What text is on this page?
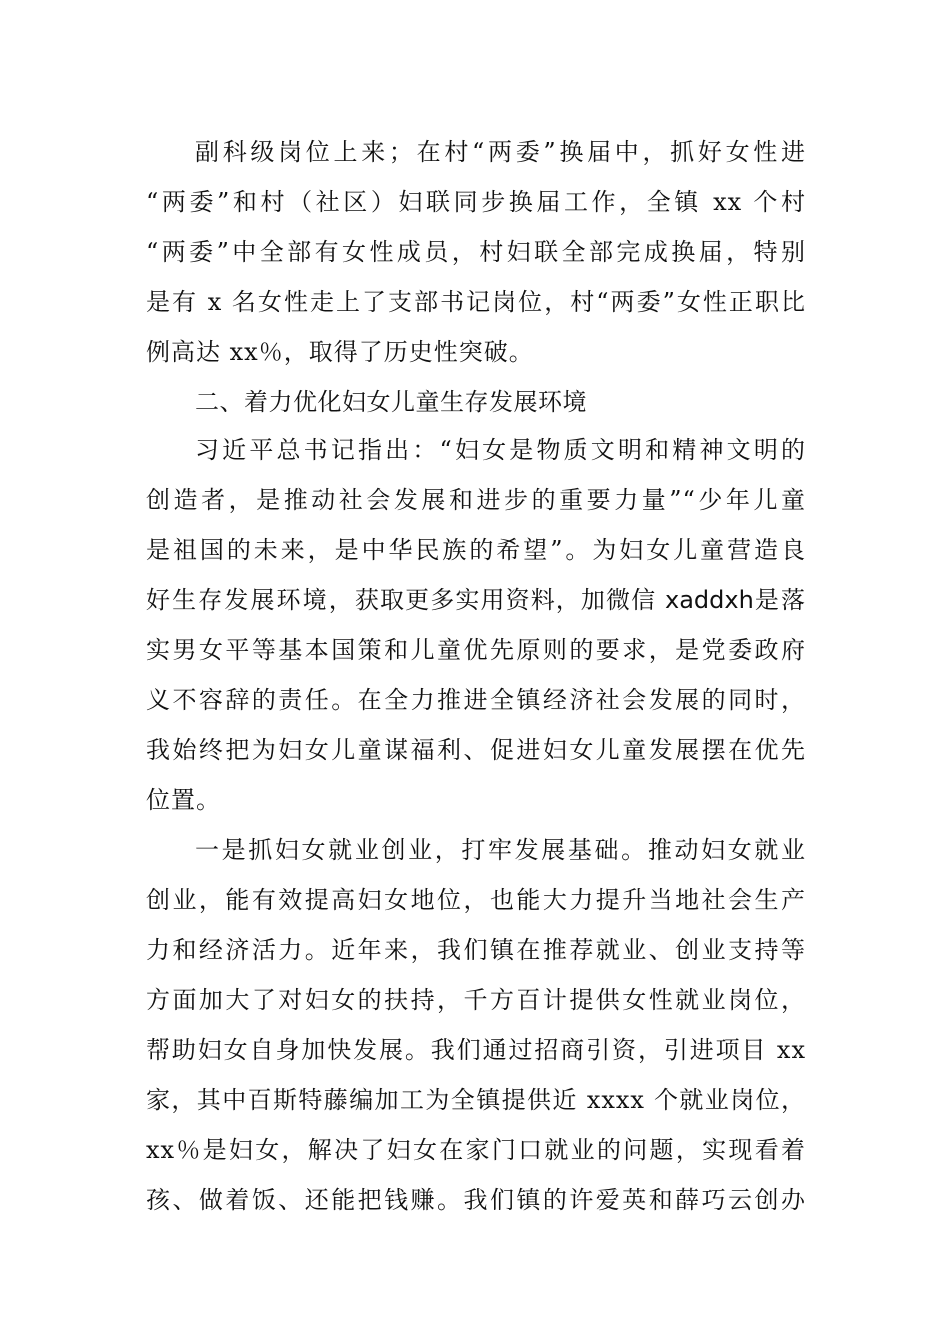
副科级岗位上来；在村“两委”换届中，抓好女性进
“两委”和村（社区）妇联同步换届工作，全镇 xx 个村
“两委”中全部有女性成员，村妇联全部完成换届，特别
是有 x 名女性走上了支部书记岗位，村“两委”女性正职比
例高达 xx％，取得了历史性突破。
二、着力优化妇女儿童生存发展环境
习近平总书记指出：“妇女是物质文明和精神文明的
创造者，是推动社会发展和进步的重要力量”“少年儿童
是祖国的未来，是中华民族的希望”。为妇女儿童营造良
好生存发展环境，获取更多实用资料，加微信 xaddxh是落
实男女平等基本国策和儿童优先原则的要求，是党委政府
义不容辞的责任。在全力推进全镇经济社会发展的同时，
我始终把为妇女儿童谋福利、促进妇女儿童发展摆在优先
位置。
一是抓妇女就业创业，打牢发展基础。推动妇女就业
创业，能有效提高妇女地位，也能大力提升当地社会生产
力和经济活力。近年来，我们镇在推荐就业、创业支持等
方面加大了对妇女的扶持，千方百计提供女性就业岗位，
帮助妇女自身加快发展。我们通过招商引资，引进项目 xx
家，其中百斯特藤编加工为全镇提供近 xxxx 个就业岗位，
xx％是妇女，解决了妇女在家门口就业的问题，实现看着
孩、做着饭、还能把钱赚。我们镇的许爱英和薛巧云创办
